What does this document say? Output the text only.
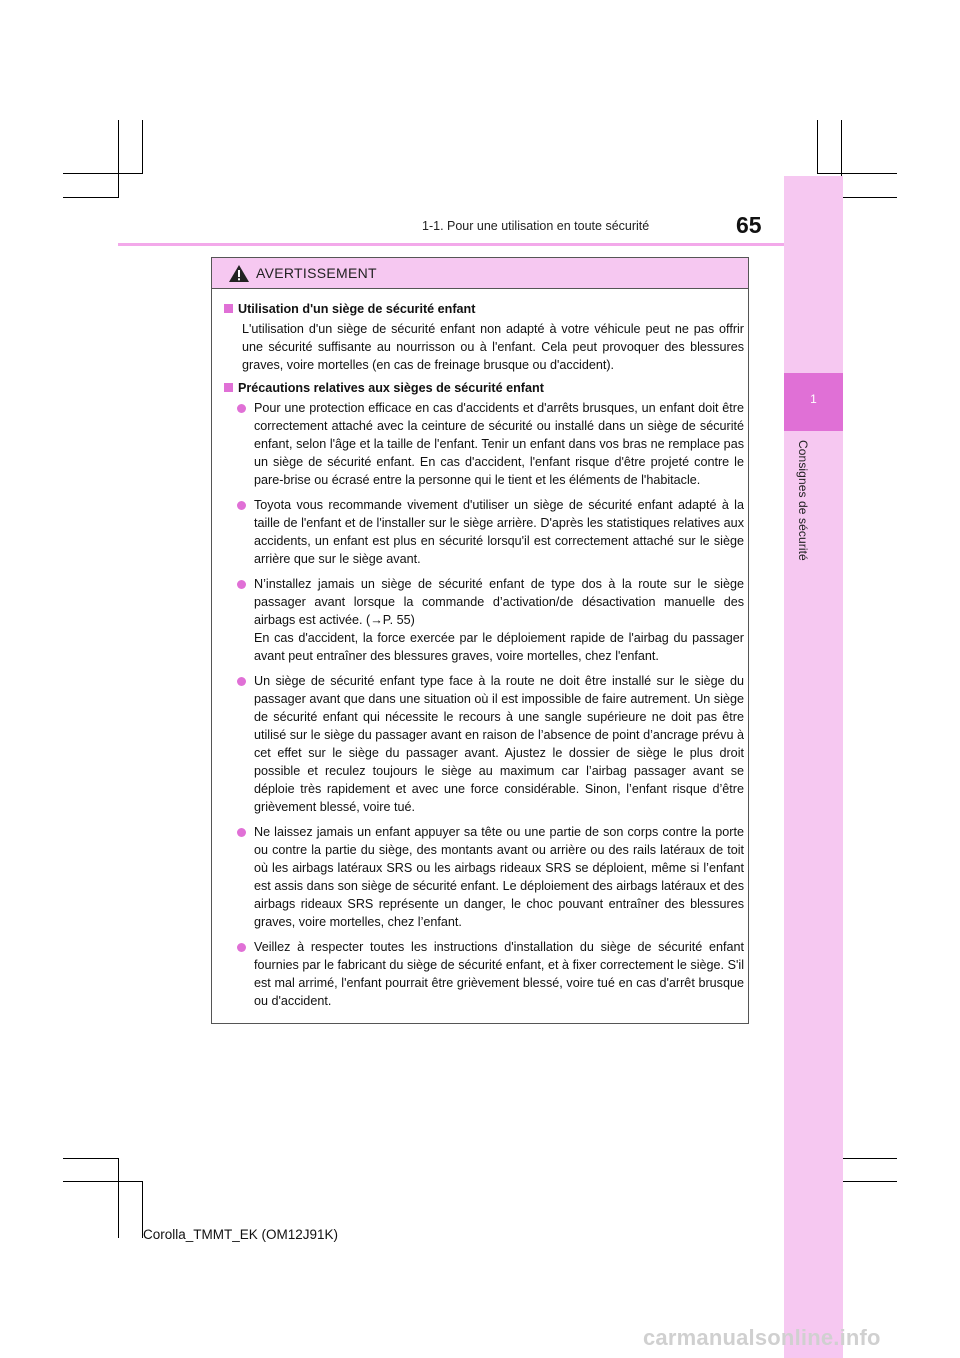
1
Consignes de sécurité
1-1. Pour une utilisation en toute sécurité	65
AVERTISSEMENT
Utilisation d'un siège de sécurité enfant
L'utilisation d'un siège de sécurité enfant non adapté à votre véhicule peut ne pas offrir une sécurité suffisante au nourrisson ou à l'enfant. Cela peut provoquer des blessures graves, voire mortelles (en cas de freinage brusque ou d'accident).
Précautions relatives aux sièges de sécurité enfant
Pour une protection efficace en cas d'accidents et d'arrêts brusques, un enfant doit être correctement attaché avec la ceinture de sécurité ou installé dans un siège de sécurité enfant, selon l'âge et la taille de l'enfant. Tenir un enfant dans vos bras ne remplace pas un siège de sécurité enfant. En cas d'accident, l'enfant risque d'être projeté contre le pare-brise ou écrasé entre la personne qui le tient et les éléments de l'habitacle.
Toyota vous recommande vivement d'utiliser un siège de sécurité enfant adapté à la taille de l'enfant et de l'installer sur le siège arrière. D'après les statistiques relatives aux accidents, un enfant est plus en sécurité lorsqu'il est correctement attaché sur le siège arrière que sur le siège avant.
N’installez jamais un siège de sécurité enfant de type dos à la route sur le siège passager avant lorsque la commande d’activation/de désactivation manuelle des airbags est activée. (→P. 55)
En cas d'accident, la force exercée par le déploiement rapide de l'airbag du passager avant peut entraîner des blessures graves, voire mortelles, chez l'enfant.
Un siège de sécurité enfant type face à la route ne doit être installé sur le siège du passager avant que dans une situation où il est impossible de faire autrement. Un siège de sécurité enfant qui nécessite le recours à une sangle supérieure ne doit pas être utilisé sur le siège du passager avant en raison de l’absence de point d’ancrage prévu à cet effet sur le siège du passager avant. Ajustez le dossier de siège le plus droit possible et reculez toujours le siège au maximum car l’airbag passager avant se déploie très rapidement et avec une force considérable. Sinon, l’enfant risque d’être grièvement blessé, voire tué.
Ne laissez jamais un enfant appuyer sa tête ou une partie de son corps contre la porte ou contre la partie du siège, des montants avant ou arrière ou des rails latéraux de toit où les airbags latéraux SRS ou les airbags rideaux SRS se déploient, même si l’enfant est assis dans son siège de sécurité enfant. Le déploiement des airbags latéraux et des airbags rideaux SRS représente un danger, le choc pouvant entraîner des blessures graves, voire mortelles, chez l’enfant.
Veillez à respecter toutes les instructions d'installation du siège de sécurité enfant fournies par le fabricant du siège de sécurité enfant, et à fixer correctement le siège. S'il est mal arrimé, l'enfant pourrait être grièvement blessé, voire tué en cas d'arrêt brusque ou d'accident.
Corolla_TMMT_EK (OM12J91K)
carmanualsonline.info
